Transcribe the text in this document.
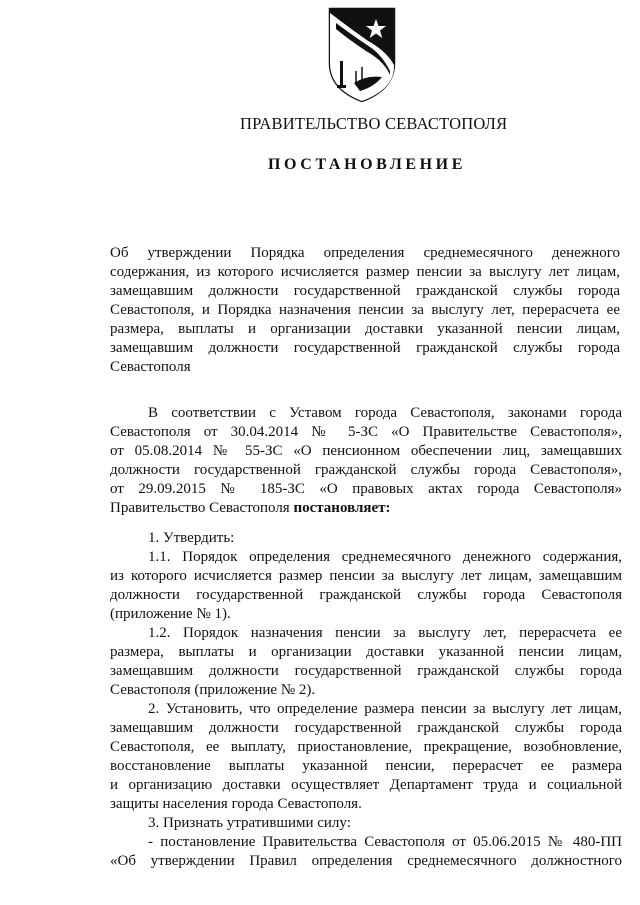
ПРАВИТЕЛЬСТВО СЕВАСТОПОЛЯ
ПОСТАНОВЛЕНИЕ
Об утверждении Порядка определения среднемесячного денежного
содержания, из которого исчисляется размер пенсии за выслугу лет лицам,
замещавшим должности государственной гражданской службы города
Севастополя, и Порядка назначения пенсии за выслугу лет, перерасчета ее
размера, выплаты и организации доставки указанной пенсии лицам,
замещавшим должности государственной гражданской службы города
Севастополя
В соответствии с Уставом города Севастополя, законами города
Севастополя от 30.04.2014 № 5-ЗС «О Правительстве Севастополя»,
от 05.08.2014 № 55-ЗС «О пенсионном обеспечении лиц, замещавших
должности государственной гражданской службы города Севастополя»,
от 29.09.2015 № 185-ЗС «О правовых актах города Севастополя»
Правительство Севастополя постановляет:
1. Утвердить:
1.1. Порядок определения среднемесячного денежного содержания,
из которого исчисляется размер пенсии за выслугу лет лицам, замещавшим
должности государственной гражданской службы города Севастополя
(приложение № 1).
1.2. Порядок назначения пенсии за выслугу лет, перерасчета ее
размера, выплаты и организации доставки указанной пенсии лицам,
замещавшим должности государственной гражданской службы города
Севастополя (приложение № 2).
2. Установить, что определение размера пенсии за выслугу лет лицам,
замещавшим должности государственной гражданской службы города
Севастополя, ее выплату, приостановление, прекращение, возобновление,
восстановление выплаты указанной пенсии, перерасчет ее размера
и организацию доставки осуществляет Департамент труда и социальной
защиты населения города Севастополя.
3. Признать утратившими силу:
- постановление Правительства Севастополя от 05.06.2015 № 480-ПП
«Об утверждении Правил определения среднемесячного должностного
